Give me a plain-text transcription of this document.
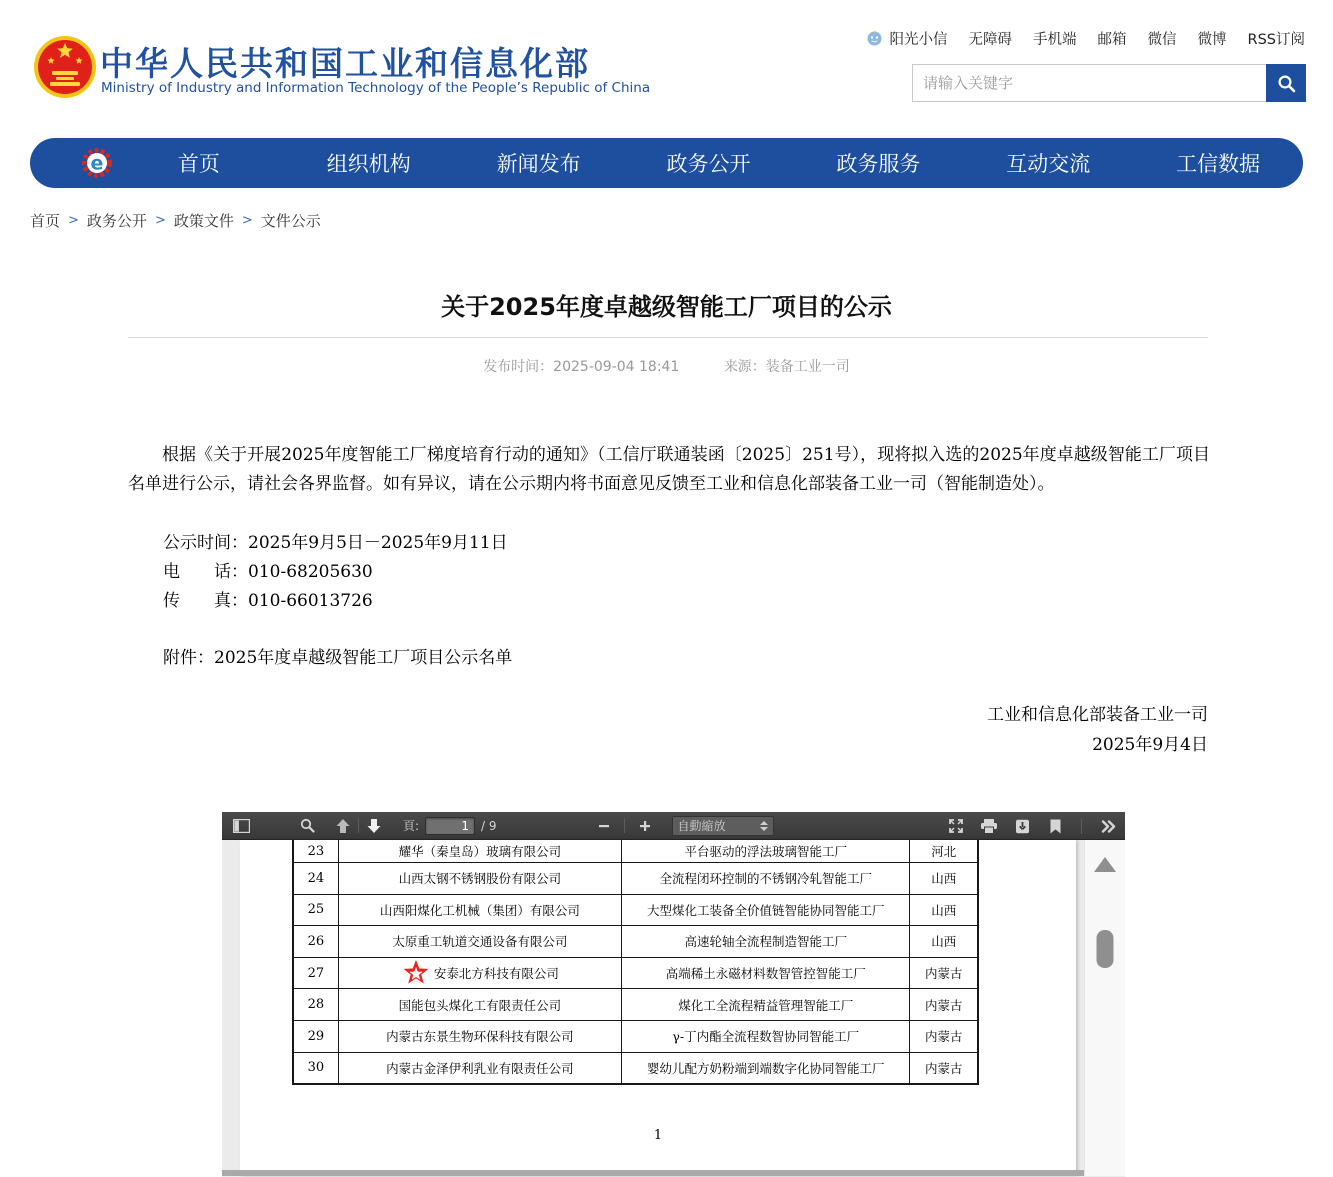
中华人民共和国工业和信息化部
Ministry of Industry and Information Technology of the People’s Republic of China
阳光小信 无障碍 手机端 邮箱 微信 微博 RSS订阅
请输入关键字
e	首页	组织机构	新闻发布	政务公开	政务服务	互动交流	工信数据
首页 > 政务公开 > 政策文件 > 文件公示
关于2025年度卓越级智能工厂项目的公示
发布时间：2025-09-04 18:41	来源：装备工业一司
根据《关于开展2025年度智能工厂梯度培育行动的通知》（工信厅联通装函〔2025〕251号），现将拟入选的2025年度卓越级智能工厂项目名单进行公示，请社会各界监督。如有异议，请在公示期内将书面意见反馈至工业和信息化部装备工业一司（智能制造处）。
公示时间：2025年9月5日－2025年9月11日
电　　话：010-68205630
传　　真：010-66013726
附件：2025年度卓越级智能工厂项目公示名单
工业和信息化部装备工业一司
2025年9月4日
頁:
1	/ 9	自動縮放
23	耀华（秦皇岛）玻璃有限公司	平台驱动的浮法玻璃智能工厂	河北
24	山西太钢不锈钢股份有限公司	全流程闭环控制的不锈钢冷轧智能工厂	山西
25	山西阳煤化工机械（集团）有限公司	大型煤化工装备全价值链智能协同智能工厂	山西
26	太原重工轨道交通设备有限公司	高速轮轴全流程制造智能工厂	山西
27	安泰北方科技有限公司	高端稀土永磁材料数智管控智能工厂	内蒙古
28	国能包头煤化工有限责任公司	煤化工全流程精益管理智能工厂	内蒙古
29	内蒙古东景生物环保科技有限公司	γ-丁内酯全流程数智协同智能工厂	内蒙古
30	内蒙古金泽伊利乳业有限责任公司	婴幼儿配方奶粉端到端数字化协同智能工厂	内蒙古
1
